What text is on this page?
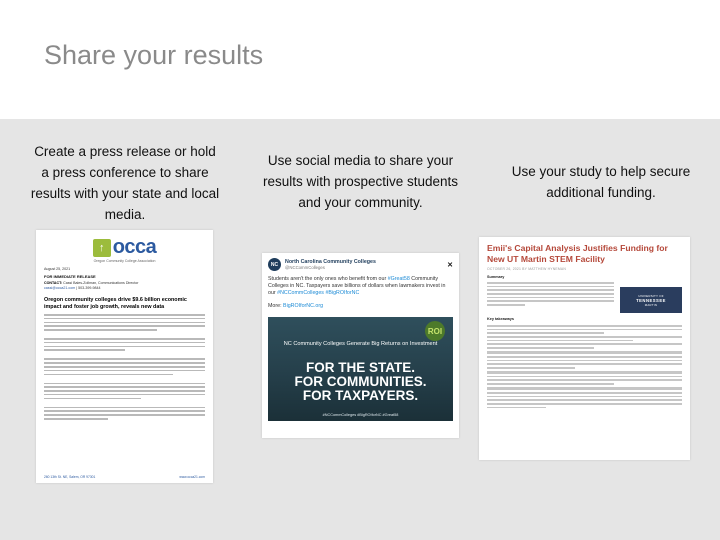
Share your results
Create a press release or hold a press conference to share results with your state and local media.
Use social media to share your results with prospective students and your community.
Use your study to help secure additional funding.
↑ occa
Oregon Community College Association
August 25, 2021
FOR IMMEDIATE RELEASE
CONTACT: Cassi Bales-Zollman, Communications Director
cassi@occa21.com | 503-399-9844
Oregon community colleges drive $9.6 billion economic impact and foster job growth, reveals new data
260 13th St. NE, Salem, OR 97301	www.occa21.com
NC	North Carolina Community Colleges
@NCCommColleges	✕
Students aren't the only ones who benefit from our #Great58 Community Colleges in NC. Taxpayers save billions of dollars when lawmakers invest in our #NCCommColleges #BigROIforNC
More: BigROIforNC.org
ROI
NC Community Colleges Generate Big Returns on Investment
FOR THE STATE.
FOR COMMUNITIES.
FOR TAXPAYERS.
#NCCommColleges #BigROIforNC #Great58
Emii's Capital Analysis Justifies Funding for New UT Martin STEM Facility
OCTOBER 26, 2021 BY MATTHEW HYNEMAN
Summary
UNIVERSITY OF
TENNESSEE
MARTIN
Key takeaways
